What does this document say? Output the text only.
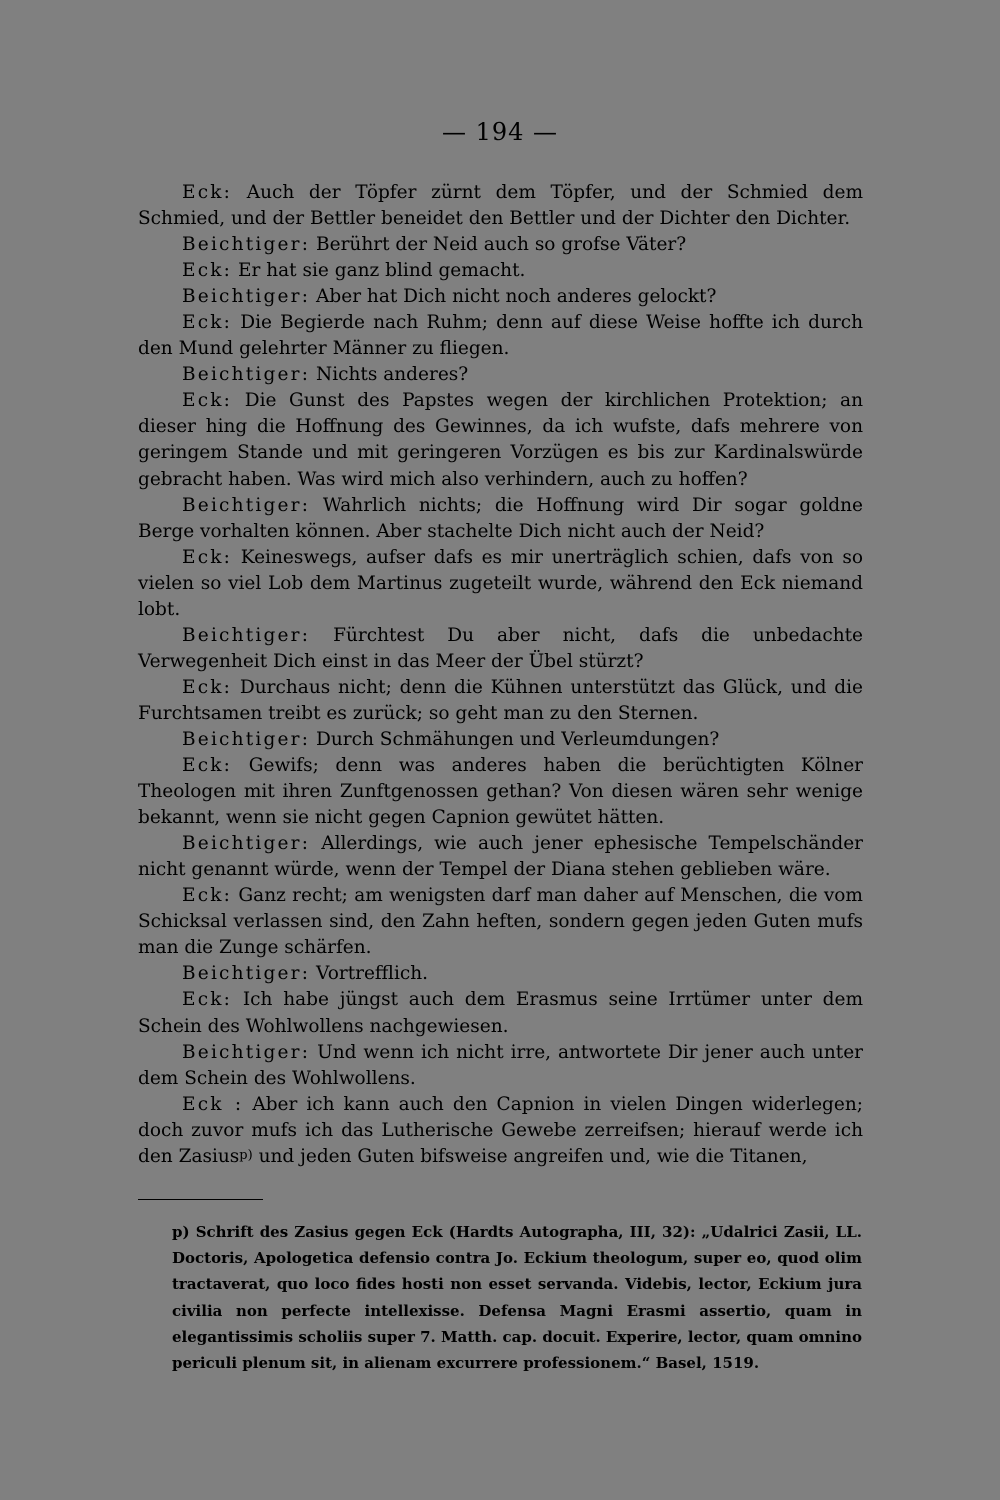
— 194 —

Eck: Auch der Töpfer zürnt dem Töpfer, und der Schmied dem Schmied, und der Bettler beneidet den Bettler und der Dichter den Dichter.

Beichtiger: Berührt der Neid auch so grofse Väter?

Eck: Er hat sie ganz blind gemacht.

Beichtiger: Aber hat Dich nicht noch anderes gelockt?

Eck: Die Begierde nach Ruhm; denn auf diese Weise hoffte ich durch den Mund gelehrter Männer zu fliegen.

Beichtiger: Nichts anderes?

Eck: Die Gunst des Papstes wegen der kirchlichen Protektion; an dieser hing die Hoffnung des Gewinnes, da ich wufste, dafs mehrere von geringem Stande und mit geringeren Vorzügen es bis zur Kardinalswürde gebracht haben. Was wird mich also verhindern, auch zu hoffen?

Beichtiger: Wahrlich nichts; die Hoffnung wird Dir sogar goldne Berge vorhalten können. Aber stachelte Dich nicht auch der Neid?

Eck: Keineswegs, aufser dafs es mir unerträglich schien, dafs von so vielen so viel Lob dem Martinus zugeteilt wurde, während den Eck niemand lobt.

Beichtiger: Fürchtest Du aber nicht, dafs die unbedachte Verwegenheit Dich einst in das Meer der Übel stürzt?

Eck: Durchaus nicht; denn die Kühnen unterstützt das Glück, und die Furchtsamen treibt es zurück; so geht man zu den Sternen.

Beichtiger: Durch Schmähungen und Verleumdungen?

Eck: Gewifs; denn was anderes haben die berüchtigten Kölner Theologen mit ihren Zunftgenossen gethan? Von diesen wären sehr wenige bekannt, wenn sie nicht gegen Capnion gewütet hätten.

Beichtiger: Allerdings, wie auch jener ephesische Tempelschänder nicht genannt würde, wenn der Tempel der Diana stehen geblieben wäre.

Eck: Ganz recht; am wenigsten darf man daher auf Menschen, die vom Schicksal verlassen sind, den Zahn heften, sondern gegen jeden Guten mufs man die Zunge schärfen.

Beichtiger: Vortrefflich.

Eck: Ich habe jüngst auch dem Erasmus seine Irrtümer unter dem Schein des Wohlwollens nachgewiesen.

Beichtiger: Und wenn ich nicht irre, antwortete Dir jener auch unter dem Schein des Wohlwollens.

Eck : Aber ich kann auch den Capnion in vielen Dingen widerlegen; doch zuvor mufs ich das Lutherische Gewebe zerreifsen; hierauf werde ich den Zasiusp) und jeden Guten bifsweise angreifen und, wie die Titanen,

p) Schrift des Zasius gegen Eck (Hardts Autographa, III, 32): „Udalrici Zasii, LL. Doctoris, Apologetica defensio contra Jo. Eckium theologum, super eo, quod olim tractaverat, quo loco fides hosti non esset servanda. Videbis, lector, Eckium jura civilia non perfecte intellexisse. Defensa Magni Erasmi assertio, quam in elegantissimis scholiis super 7. Matth. cap. docuit. Experire, lector, quam omnino periculi plenum sit, in alienam excurrere professionem.“ Basel, 1519.
